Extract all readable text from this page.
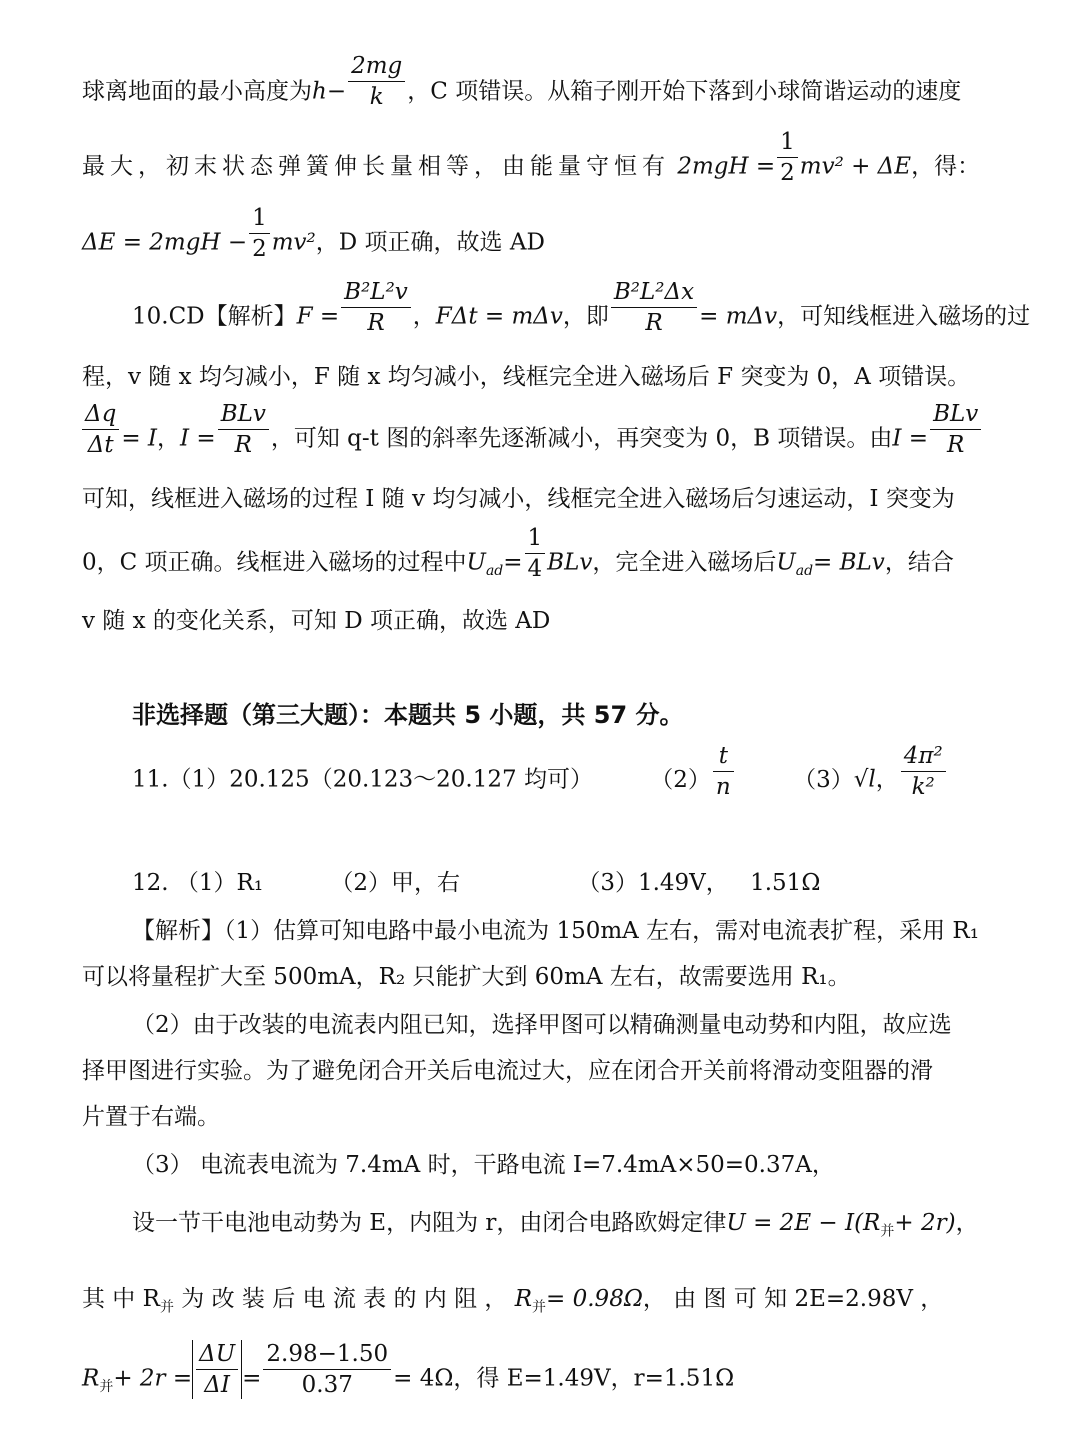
球离地面的最小高度为$h- \frac{2mg}{k}$ ，C 项错误。从箱子刚开始下落到小球简谐运动的速度
最大，初末状态弹簧伸长量相等，由能量守恒有 $2mgH = \frac{1}{2} mv^2 + \Delta E$，得：
$\Delta E = 2mgH - \frac{1}{2} mv^2$，D 项正确，故选 AD
10.CD【解析】$F = \frac{\text{B²L²v}}{R}$ ，FΔt = mΔv，即 $\frac{\text{B²L²Δx}}{R} = m\Delta v$，可知线框进入磁场的过
程，v 随 x 均匀减小，F 随 x 均匀减小，线框完全进入磁场后 F 突变为 0，A 项错误。
$\frac{\Delta q}{\Delta t} = I$，$I = \frac{\text{BLv}}{R}$ ，可知 q-t 图的斜率先逐渐减小，再突变为 0，B 项错误。由$I = \frac{\text{BLv}}{R}$
可知，线框进入磁场的过程 I 随 v 均匀减小，线框完全进入磁场后匀速运动，I 突变为
0，C 项正确。线框进入磁场的过程中$U_{ad}= \frac{1}{4}$ BLv，完全进入磁场后$U_{ad}=$ BLv，结合
v 随 x 的变化关系，可知 D 项正确，故选 AD
非选择题（第三大题）：本题共 5 小题，共 57 分。
11.（1）20.125（20.123～20.127 均可） $(2) \frac{t}{n}$	（3）√l， $\frac{\text{4π²}}{\text{k²}}$
12. （1）R₁	（2）甲，右	（3）1.49V， 1.51Ω
【解析】（1）估算可知电路中最小电流为 150mA 左右，需对电流表扩程，采用 R₁
可以将量程扩大至 500mA，R₂ 只能扩大到 60mA 左右，故需要选用 R₁。
（2）由于改装的电流表内阻已知，选择甲图可以精确测量电动势和内阻，故应选
择甲图进行实验。为了避免闭合开关后电流过大，应在闭合开关前将滑动变阻器的滑
片置于右端。
（3） 电流表电流为 7.4mA 时，干路电流 I=7.4mA×50=0.37A，
设一节干电池电动势为 E，内阻为 r，由闭合电路欧姆定律$U = 2E - I(R_并+ 2r)$，
其 中 $R_并$ 为 改 装 后 电 流 表 的 内 阻 ， $R_并= 0.98\Omega$， 由 图 可 知 2E=2.98V ，
$R_并+ 2r = \frac{\Delta U}{\Delta I} = \frac{2.98-1.50}{0.37} = 4\Omega$，得 E=1.49V，r=1.51Ω
